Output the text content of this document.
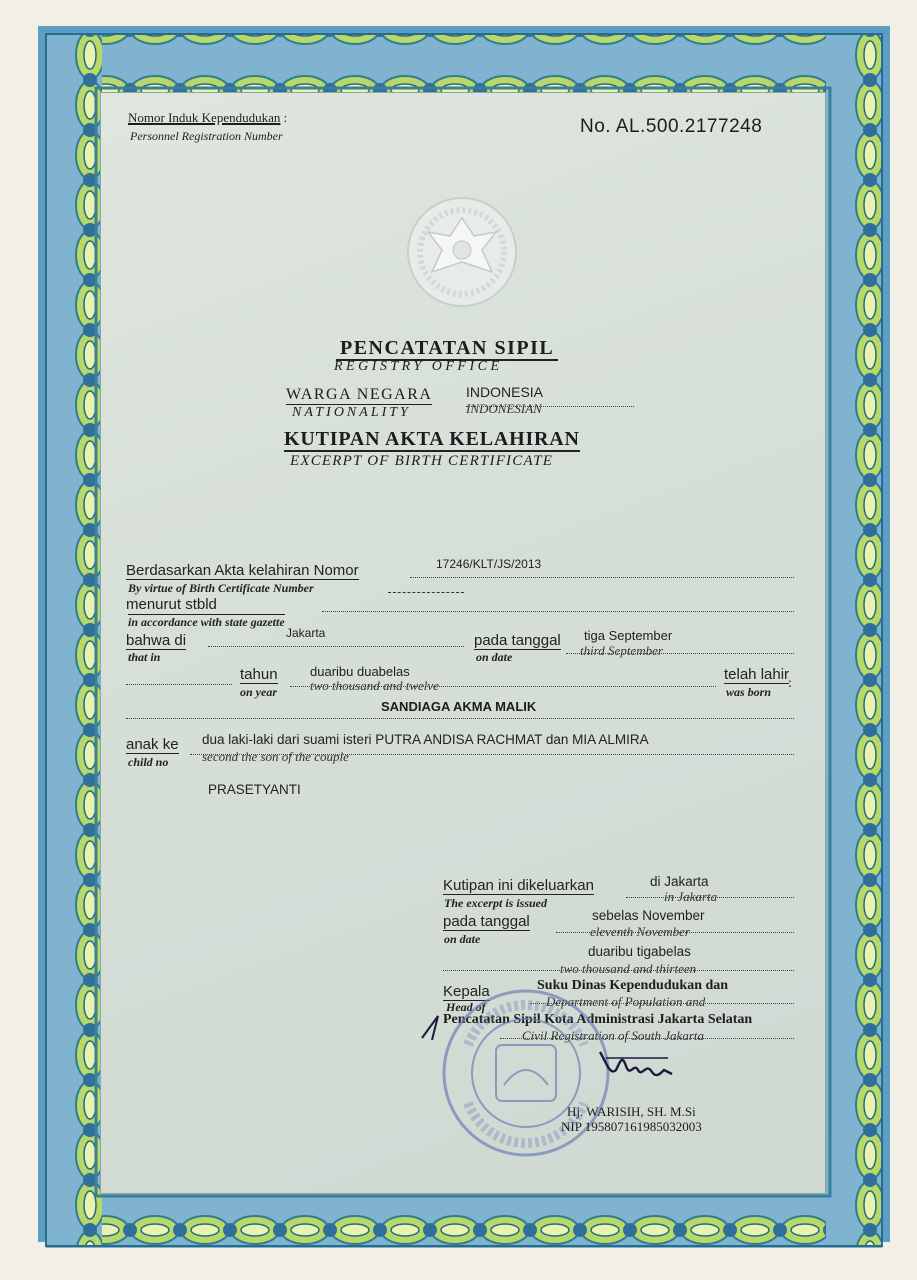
Nomor Induk Kependudukan :
Personnel Registration Number	No. AL.500.2177248
PENCATATAN SIPIL
REGISTRY OFFICE
WARGA NEGARA
NATIONALITY
INDONESIA
INDONESIAN
KUTIPAN AKTA KELAHIRAN
EXCERPT OF BIRTH CERTIFICATE
Berdasarkan Akta kelahiran Nomor
By virtue of Birth Certificate Number
17246/KLT/JS/2013
menurut stbld
in accordance with state gazette
bahwa di
that in
Jakarta	pada tanggal
on date
tiga September
third September
tahun
on year
duaribu duabelas
two thousand and twelve
telah lahir
was born
:
SANDIAGA AKMA MALIK
anak ke
child no
dua laki-laki dari suami isteri PUTRA ANDISA RACHMAT dan MIA ALMIRA
second the son of the couple
PRASETYANTI
Kutipan ini dikeluarkan
The excerpt is issued
di Jakarta
in Jakarta
pada tanggal
on date
sebelas November
eleventh November
duaribu tigabelas
two thousand and thirteen
Kepala
Head of
Suku Dinas Kependudukan dan
Department of Population and
Pencatatan Sipil Kota Administrasi Jakarta Selatan
Civil Registration of South Jakarta
Hj. WARISIH, SH. M.Si
NIP 195807161985032003
